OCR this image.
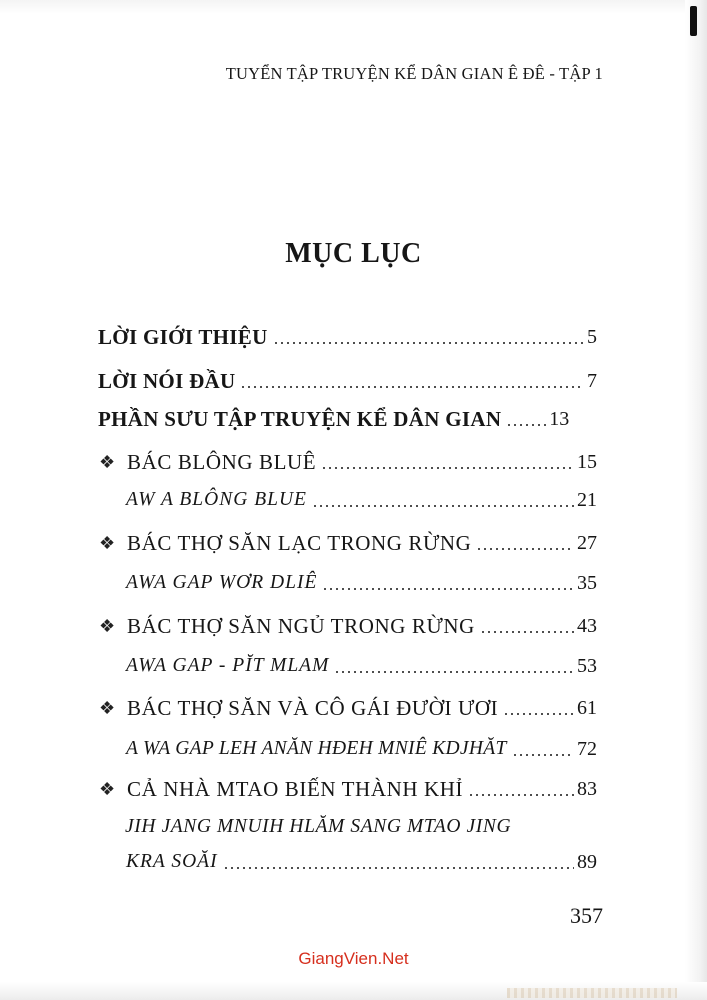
TUYỂN TẬP TRUYỆN KỂ DÂN GIAN Ê ĐÊ - TẬP 1
MỤC LỤC
LỜI GIỚI THIỆU	5
LỜI NÓI ĐẦU	7
PHẦN SƯU TẬP TRUYỆN KỂ DÂN GIAN 13
❖ BÁC BLÔNG BLUÊ	15
AW A BLÔNG BLUE	21
❖ BÁC THỢ SĂN LẠC TRONG RỪNG	27
AWA GAP WƠR DLIÊ	35
❖ BÁC THỢ SĂN NGỦ TRONG RỪNG	43
AWA GAP - PĬT MLAM	53
❖ BÁC THỢ SĂN VÀ CÔ GÁI ĐƯỜI ƯƠI	61
A WA GAP LEH ANĂN HĐEH MNIÊ KDJHĂT	72
❖ CẢ NHÀ MTAO BIẾN THÀNH KHỈ	83
JIH JANG MNUIH HLĂM SANG MTAO JING
KRA SOĂI	89
357
GiangVien.Net
